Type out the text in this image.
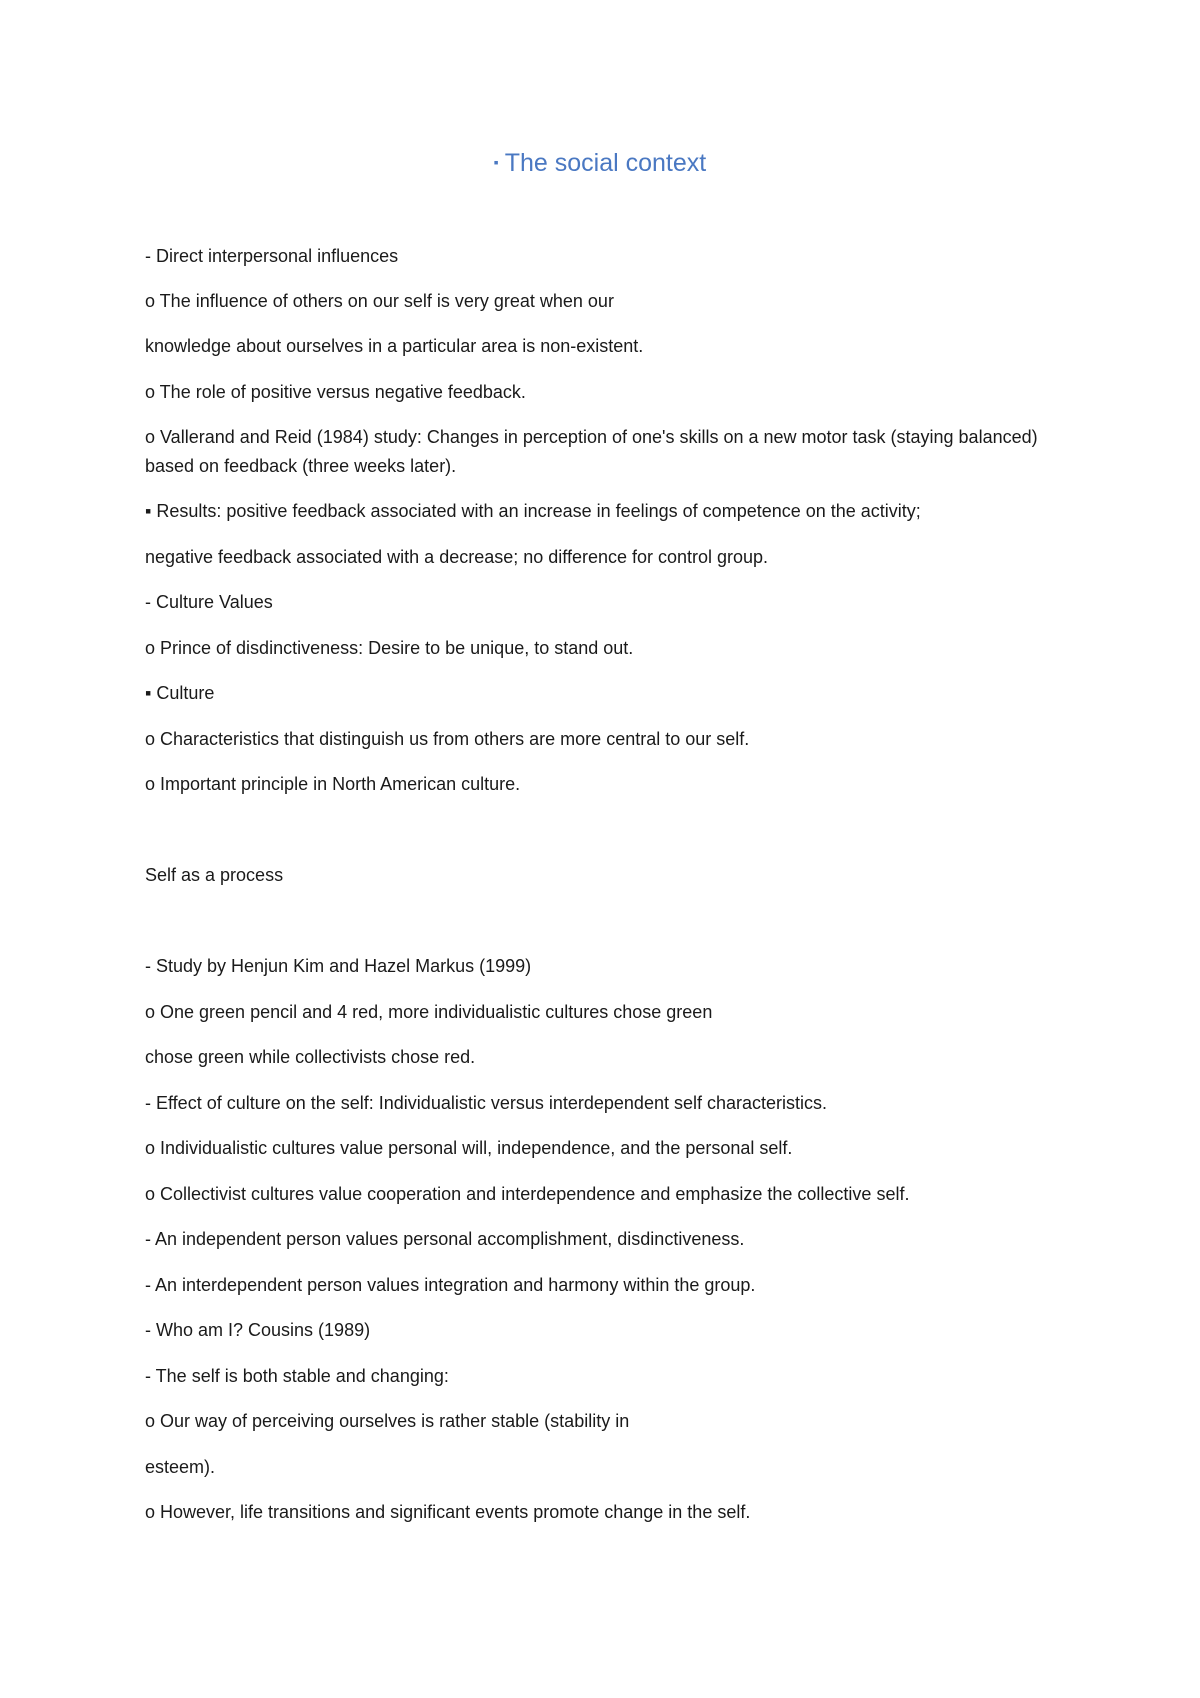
▪ The social context

- Direct interpersonal influences

o The influence of others on our self is very great when our

knowledge about ourselves in a particular area is non-existent.

o The role of positive versus negative feedback.

o Vallerand and Reid (1984) study: Changes in perception of one's skills on a new motor task (staying balanced) based on feedback (three weeks later).

▪ Results: positive feedback associated with an increase in feelings of competence on the activity;

negative feedback associated with a decrease; no difference for control group.

- Culture Values

o Prince of disdinctiveness: Desire to be unique, to stand out.

▪ Culture

o Characteristics that distinguish us from others are more central to our self.

o Important principle in North American culture.

Self as a process

- Study by Henjun Kim and Hazel Markus (1999)

o One green pencil and 4 red, more individualistic cultures chose green

chose green while collectivists chose red.

- Effect of culture on the self: Individualistic versus interdependent self characteristics.

o Individualistic cultures value personal will, independence, and the personal self.

o Collectivist cultures value cooperation and interdependence and emphasize the collective self.

- An independent person values personal accomplishment, disdinctiveness.

- An interdependent person values integration and harmony within the group.

- Who am I? Cousins (1989)

- The self is both stable and changing:

o Our way of perceiving ourselves is rather stable (stability in

esteem).

o However, life transitions and significant events promote change in the self.
